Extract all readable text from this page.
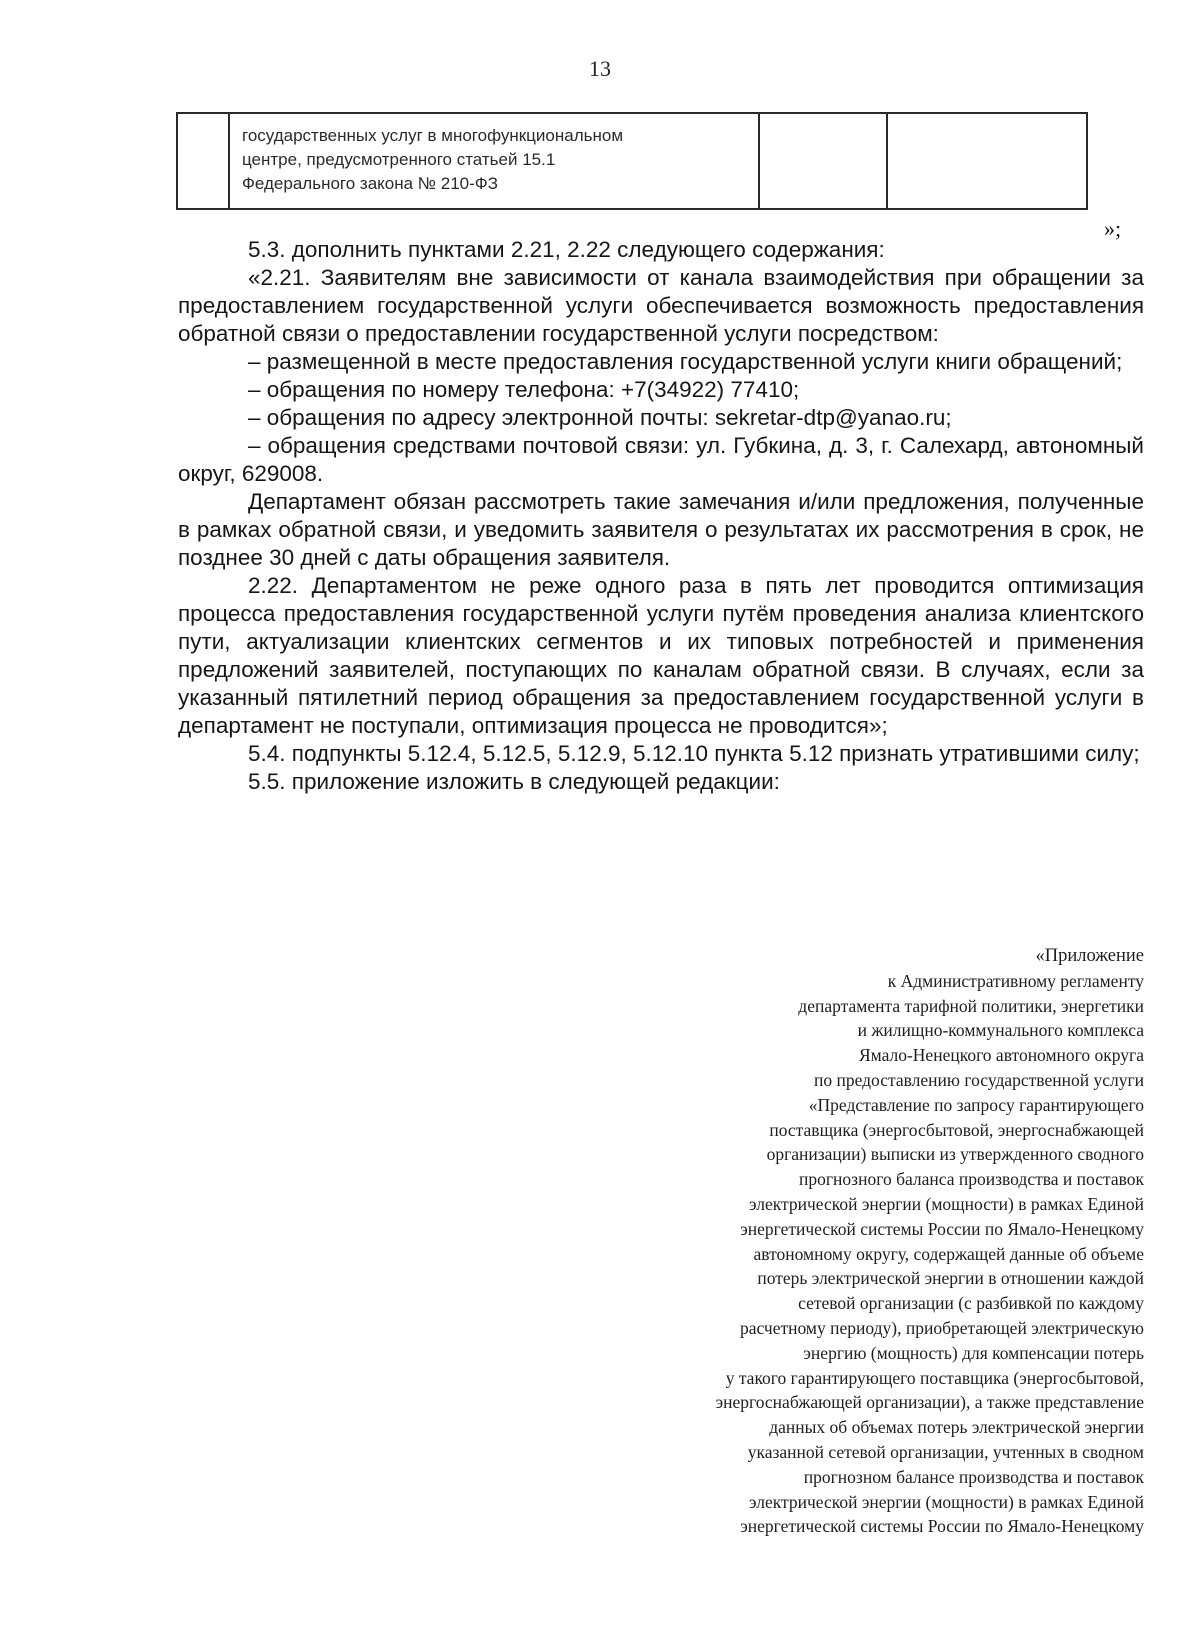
13
государственных услуг в многофункциональном
центре, предусмотренного статьей 15.1
Федерального закона № 210-ФЗ
»;

5.3. дополнить пунктами 2.21, 2.22 следующего содержания:

«2.21. Заявителям вне зависимости от канала взаимодействия при обращении за предоставлением государственной услуги обеспечивается возможность предоставления обратной связи о предоставлении государственной услуги посредством:

– размещенной в месте предоставления государственной услуги книги обращений;

– обращения по номеру телефона: +7(34922) 77410;

– обращения по адресу электронной почты: sekretar-dtp@yanao.ru;

– обращения средствами почтовой связи: ул. Губкина, д. 3, г. Салехард, автономный округ, 629008.

Департамент обязан рассмотреть такие замечания и/или предложения, полученные в рамках обратной связи, и уведомить заявителя о результатах их рассмотрения в срок, не позднее 30 дней с даты обращения заявителя.

2.22. Департаментом не реже одного раза в пять лет проводится оптимизация процесса предоставления государственной услуги путём проведения анализа клиентского пути, актуализации клиентских сегментов и их типовых потребностей и применения предложений заявителей, поступающих по каналам обратной связи. В случаях, если за указанный пятилетний период обращения за предоставлением государственной услуги в департамент не поступали, оптимизация процесса не проводится»;

5.4. подпункты 5.12.4, 5.12.5, 5.12.9, 5.12.10 пункта 5.12 признать утратившими силу;

5.5. приложение изложить в следующей редакции:

«Приложение
к Административному регламенту
департамента тарифной политики, энергетики
и жилищно-коммунального комплекса
Ямало-Ненецкого автономного округа
по предоставлению государственной услуги
«Представление по запросу гарантирующего
поставщика (энергосбытовой, энергоснабжающей
организации) выписки из утвержденного сводного
прогнозного баланса производства и поставок
электрической энергии (мощности) в рамках Единой
энергетической системы России по Ямало-Ненецкому
автономному округу, содержащей данные об объеме
потерь электрической энергии в отношении каждой
сетевой организации (с разбивкой по каждому
расчетному периоду), приобретающей электрическую
энергию (мощность) для компенсации потерь
у такого гарантирующего поставщика (энергосбытовой,
энергоснабжающей организации), а также представление
данных об объемах потерь электрической энергии
указанной сетевой организации, учтенных в сводном
прогнозном балансе производства и поставок
электрической энергии (мощности) в рамках Единой
энергетической системы России по Ямало-Ненецкому
